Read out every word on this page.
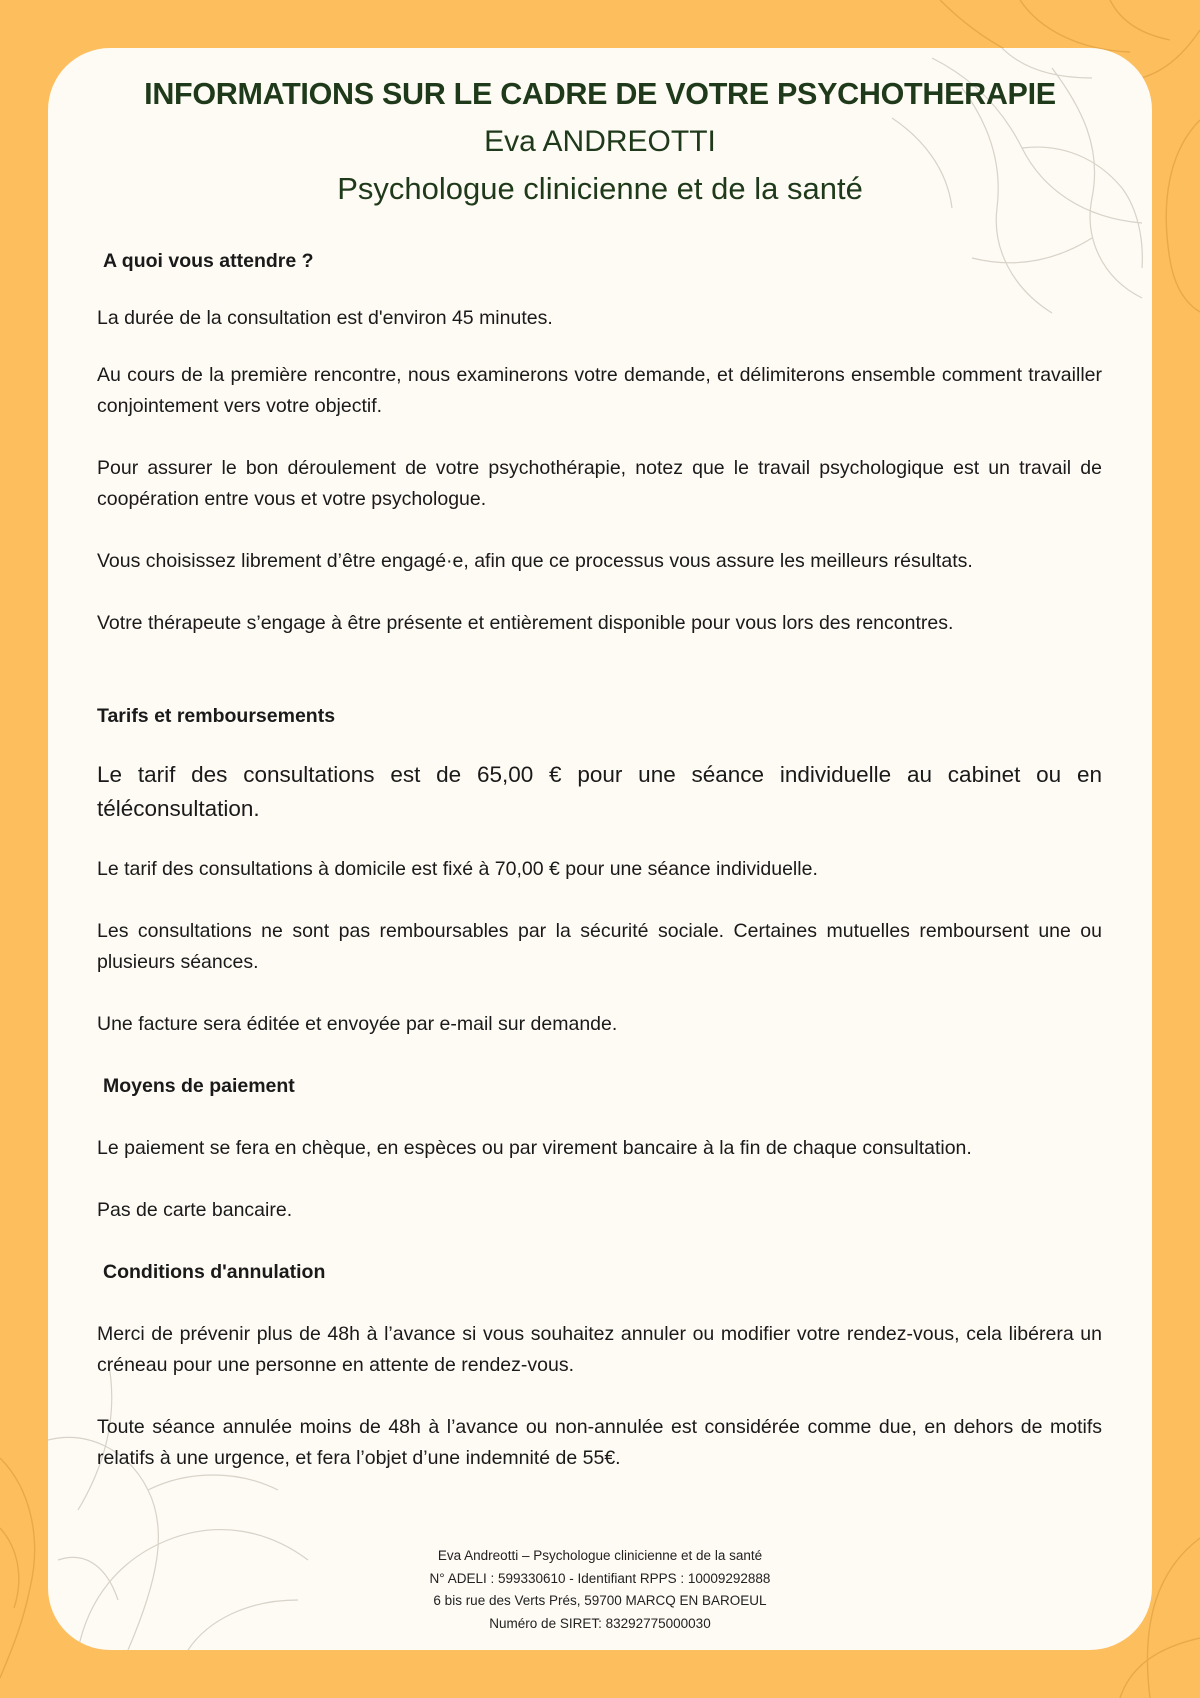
INFORMATIONS SUR LE CADRE DE VOTRE PSYCHOTHERAPIE
Eva ANDREOTTI
Psychologue clinicienne et de la santé

A quoi vous attendre ?

La durée de la consultation est d'environ 45 minutes.

Au cours de la première rencontre, nous examinerons votre demande, et délimiterons ensemble comment travailler conjointement vers votre objectif.

Pour assurer le bon déroulement de votre psychothérapie, notez que le travail psychologique est un travail de coopération entre vous et votre psychologue.

Vous choisissez librement d’être engagé·e, afin que ce processus vous assure les meilleurs résultats.

Votre thérapeute s’engage à être présente et entièrement disponible pour vous lors des rencontres.

Tarifs et remboursements

Le tarif des consultations est de 65,00 € pour une séance individuelle au cabinet ou en téléconsultation.

Le tarif des consultations à domicile est fixé à 70,00 € pour une séance individuelle.

Les consultations ne sont pas remboursables par la sécurité sociale. Certaines mutuelles remboursent une ou plusieurs séances.

Une facture sera éditée et envoyée par e-mail sur demande.

Moyens de paiement

Le paiement se fera en chèque, en espèces ou par virement bancaire à la fin de chaque consultation.

Pas de carte bancaire.

Conditions d'annulation

Merci de prévenir plus de 48h à l’avance si vous souhaitez annuler ou modifier votre rendez-vous, cela libérera un créneau pour une personne en attente de rendez-vous.

Toute séance annulée moins de 48h à l’avance ou non-annulée est considérée comme due, en dehors de motifs relatifs à une urgence, et fera l’objet d’une indemnité de 55€.

Eva Andreotti – Psychologue clinicienne et de la santé
N° ADELI : 599330610 - Identifiant RPPS : 10009292888
6 bis rue des Verts Prés, 59700 MARCQ EN BAROEUL
Numéro de SIRET: 83292775000030
